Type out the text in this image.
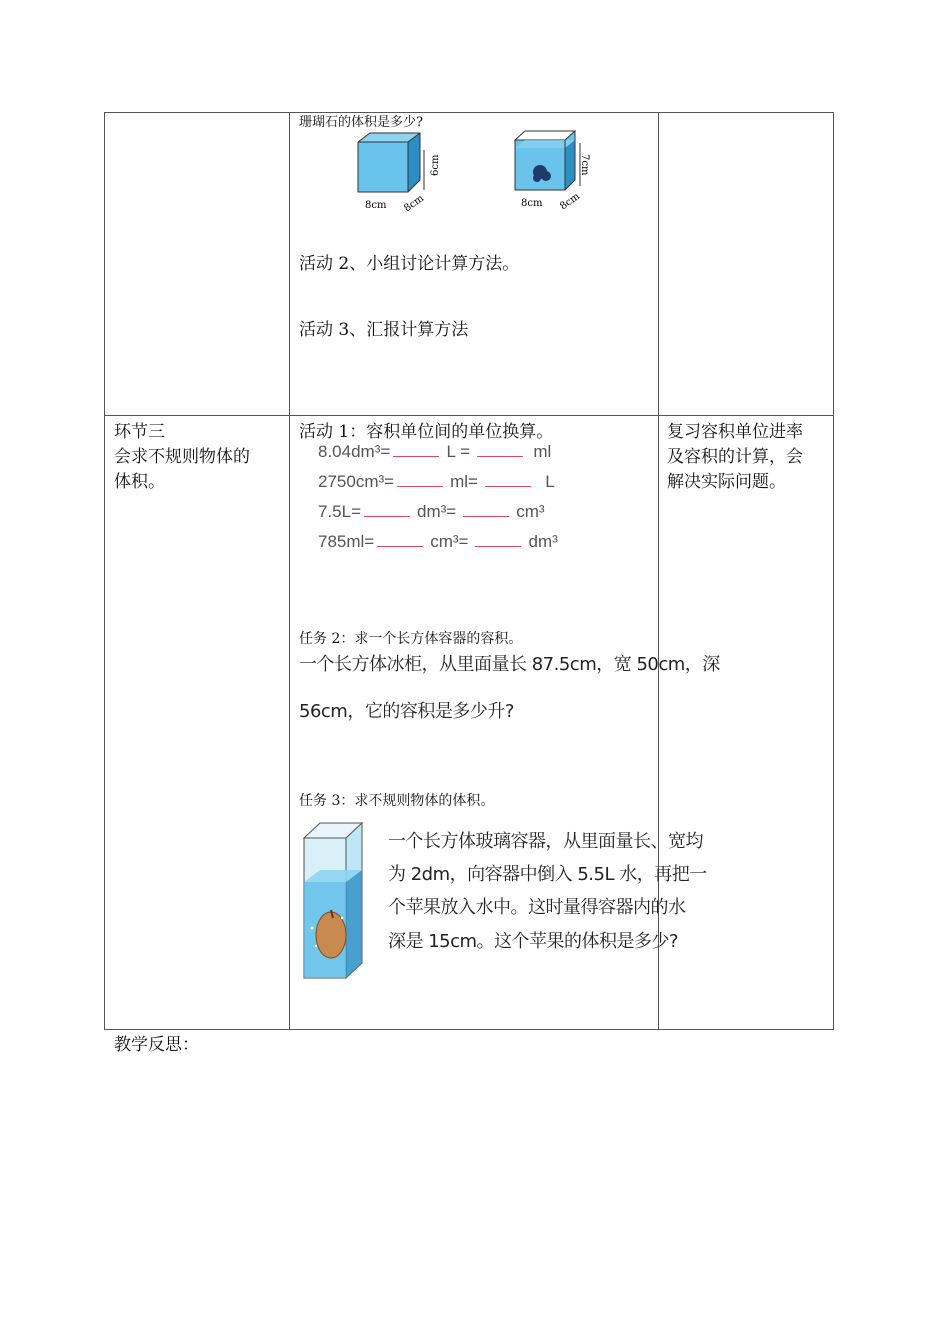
珊瑚石的体积是多少?
6cm
8cm 8cm
7cm
8cm 8cm
活动 2、小组讨论计算方法。
活动 3、汇报计算方法
环节三
会求不规则物体的
体积。
活动 1：容积单位间的单位换算。
8.04dm³=	L =	ml
2750cm³=	ml=	L
7.5L=	dm³=	cm³
785ml=	cm³=	dm³
任务 2：求一个长方体容器的容积。
一个长方体冰柜，从里面量长 87.5cm，宽 50cm，深
56cm，它的容积是多少升?
任务 3：求不规则物体的体积。
一个长方体玻璃容器，从里面量长、宽均
为 2dm，向容器中倒入 5.5L 水，再把一
个苹果放入水中。这时量得容器内的水
深是 15cm。这个苹果的体积是多少?
复习容积单位进率
及容积的计算，会
解决实际问题。
教学反思：
